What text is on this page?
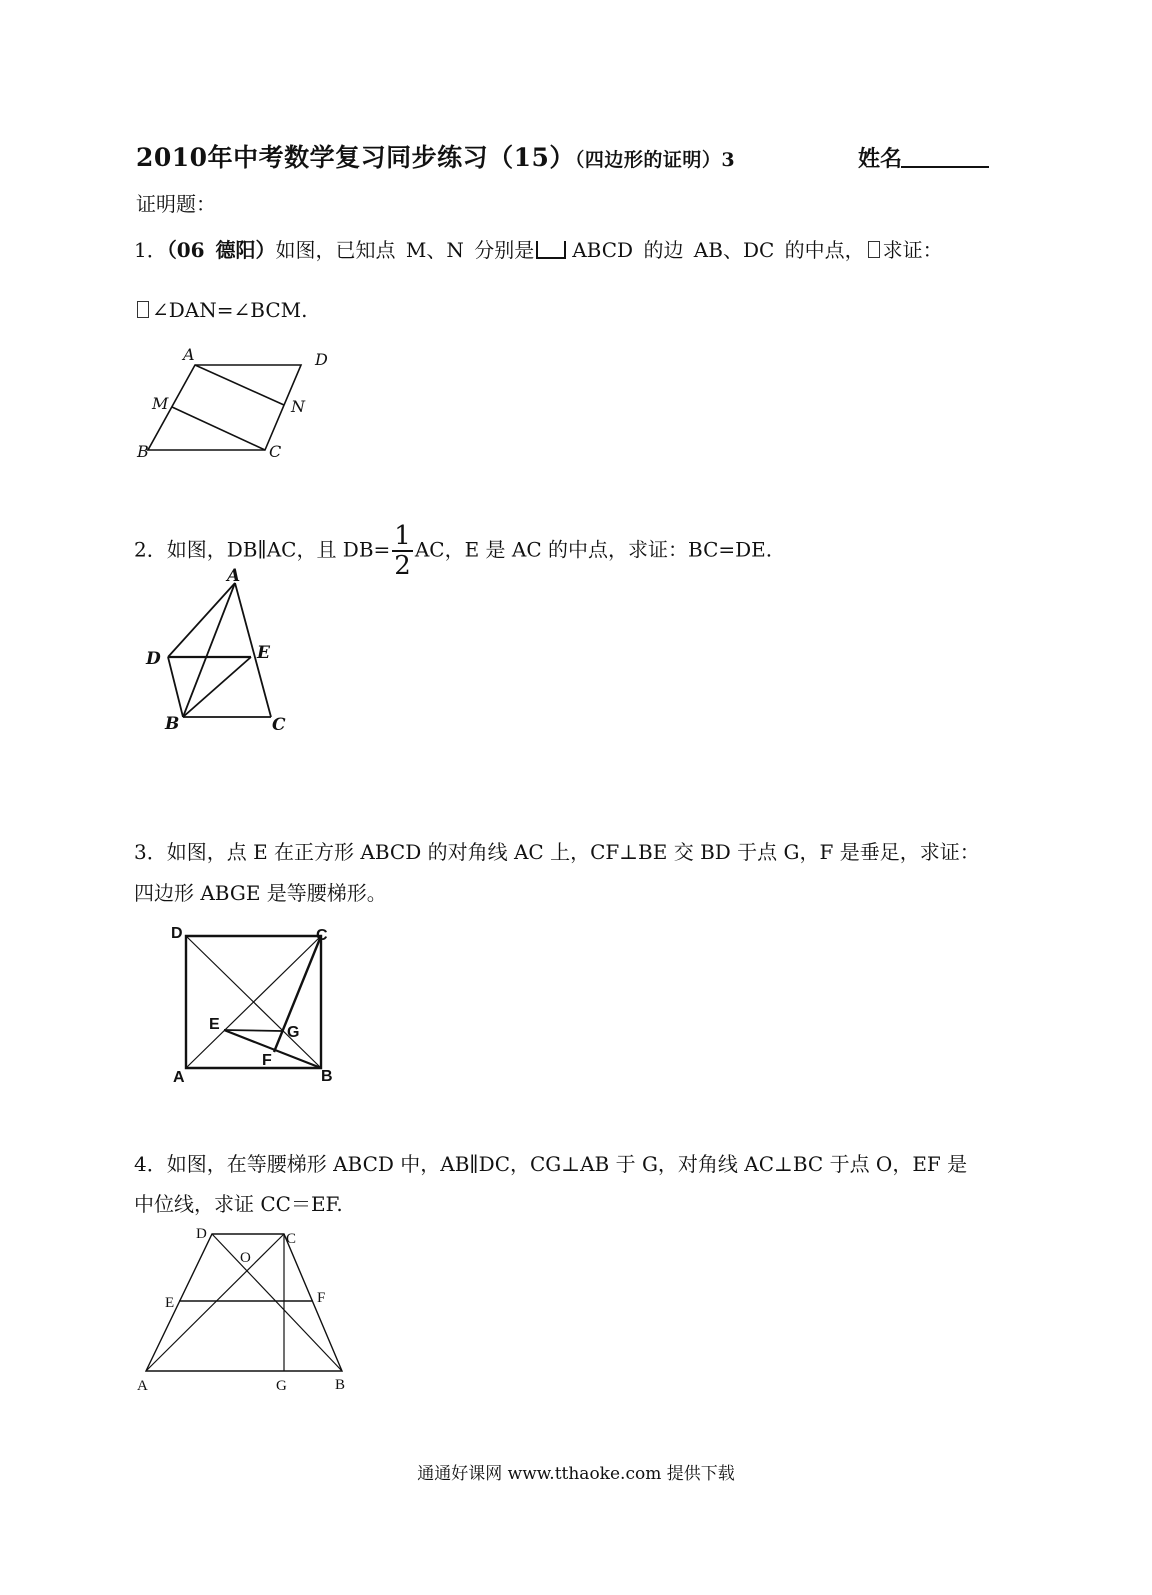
2010年中考数学复习同步练习（15）（四边形的证明）3	姓名
证明题：
1．（06 德阳）如图，已知点 M、N 分别是 ABCD 的边 AB、DC 的中点， 求证：
∠DAN=∠BCM.
A	D
M	N
B	C
2．如图，DB∥AC，且 $DB= \frac{1}{2}$ AC，E 是 AC 的中点，求证：BC=DE.
A
D	E
B	C
3．如图，点 E 在正方形 ABCD 的对角线 AC 上，CF⊥BE 交 BD 于点 G，F 是垂足，求证：
四边形 ABGE 是等腰梯形。
D	C
E	G
F
A	B
4．如图，在等腰梯形 ABCD 中，AB∥DC，CG⊥AB 于 G，对角线 AC⊥BC 于点 O，EF 是
中位线，求证 CC＝EF.
D	C
O
E	F
A	G	B
通通好课网 www.tthaoke.com 提供下载
